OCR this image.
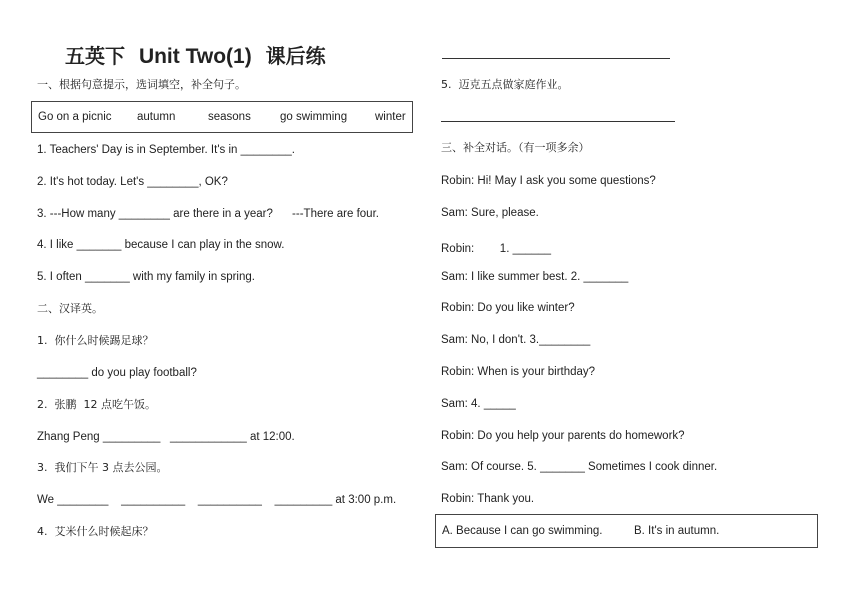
五英下 Unit Two(1) 课后练
一、根据句意提示，选词填空，补全句子。
Go on a picnic autumn	seasons	go swimming winter
1. Teachers' Day is in September. It's in ________.
2. It's hot today. Let's ________, OK?
3. ---How many ________ are there in a year?      ---There are four.
4. I like _______ because I can play in the snow.
5. I often _______ with my family in spring.
二、汉译英。
1.  你什么时候踢足球？
________ do you play football?
2.  张鹏  12 点吃午饭。
Zhang Peng _________   ____________ at 12:00.
3.  我们下午 3 点去公园。
We ________    __________    __________    _________ at 3:00 p.m.
4.  艾米什么时候起床？
5.  迈克五点做家庭作业。
三、补全对话。（有一项多余）
Robin: Hi! May I ask you some questions?
Sam: Sure, please.
Robin:        1. ______
Sam: I like summer best. 2. _______
Robin: Do you like winter?
Sam: No, I don't. 3.________
Robin: When is your birthday?
Sam: 4. _____
Robin: Do you help your parents do homework?
Sam: Of course. 5. _______ Sometimes I cook dinner.
Robin: Thank you.
A. Because I can go swimming.	B. It's in autumn.
